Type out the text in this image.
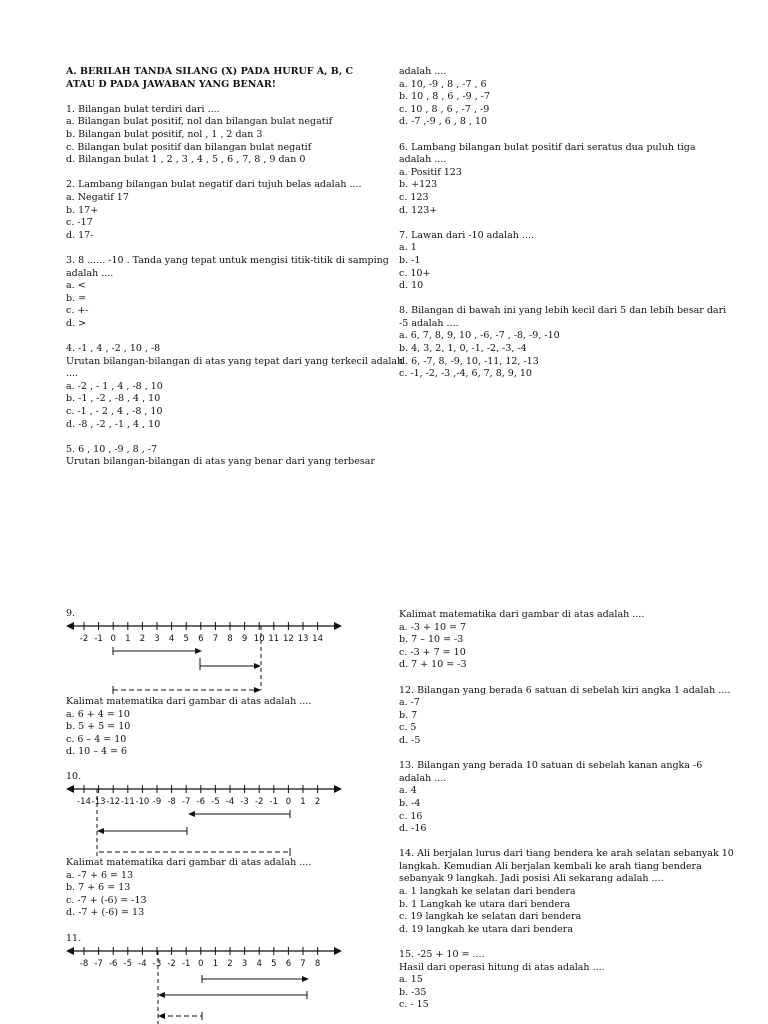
A. BERILAH TANDA SILANG (X) PADA HURUF A, B, C
ATAU D PADA JAWABAN YANG BENAR!
1. Bilangan bulat terdiri dari ....
a. Bilangan bulat positif, nol dan bilangan bulat negatif
b. Bilangan bulat positif, nol , 1 , 2 dan 3
c. Bilangan bulat positif dan bilangan bulat negatif
d. Bilangan bulat 1 , 2 , 3 , 4 , 5 , 6 , 7, 8 , 9 dan 0
2. Lambang bilangan bulat negatif dari tujuh belas adalah ....
a. Negatif 17
b. 17+
c. -17
d. 17-
3. 8 ...... -10 . Tanda yang tepat untuk mengisi titik-titik di samping
adalah ....
a. <
b. =
c. +-
d. >
4. -1 , 4 , -2 , 10 , -8
Urutan bilangan-bilangan di atas yang tepat dari yang terkecil adalah
....
a. -2 , - 1 , 4 , -8 , 10
b. -1 , -2 , -8 , 4 , 10
c. -1 , - 2 , 4 , -8 , 10
d. -8 , -2 , -1 , 4 , 10
5. 6 , 10 , -9 , 8 , -7
Urutan bilangan-bilangan di atas yang benar dari yang terbesar
adalah ....
a. 10, -9 , 8 , -7 , 6
b. 10 , 8 , 6 , -9 , -7
c. 10 , 8 , 6 , -7 , -9
d. -7 ,-9 , 6 , 8 , 10
6. Lambang bilangan bulat positif dari seratus dua puluh tiga
adalah ....
a. Positif 123
b. +123
c. 123
d. 123+
7. Lawan dari -10 adalah ....
a. 1
b. -1
c. 10+
d. 10
8. Bilangan di bawah ini yang lebih kecil dari 5 dan lebih besar dari
-5 adalah ....
a. 6, 7, 8, 9, 10 , -6, -7 , -8, -9, -10
b. 4, 3, 2, 1, 0, -1, -2, -3, -4
d. 6, -7, 8, -9, 10, -11, 12, -13
c. -1, -2, -3 ,-4, 6, 7, 8, 9, 10
9.
-2 -1 0 1 2 3 4 5 6 7 8 9 10 11 12 13 14
Kalimat matematika dari gambar di atas adalah ....
a. 6 + 4 = 10
b. 5 + 5 = 10
c. 6 – 4 = 10
d. 10 – 4 = 6
10.
-14 -13 -12 -11 -10 -9 -8 -7 -6 -5 -4 -3 -2 -1 0 1 2
Kalimat matematika dari gambar di atas adalah ....
a. -7 + 6 = 13
b. 7 + 6 = 13
c. -7 + (-6) = -13
d. -7 + (-6) = 13
11.
-8 -7 -6 -5 -4 -3 -2 -1 0 1 2 3 4 5 6 7 8
Kalimat matematika dari gambar di atas adalah ....
a. -3 + 10 = 7
b. 7 – 10 = -3
c. -3 + 7 = 10
d. 7 + 10 = -3
12. Bilangan yang berada 6 satuan di sebelah kiri angka 1 adalah ....
a. -7
b. 7
c. 5
d. -5
13. Bilangan yang berada 10 satuan di sebelah kanan angka -6
adalah ....
a. 4
b. -4
c. 16
d. -16
14. Ali berjalan lurus dari tiang bendera ke arah selatan sebanyak 10
langkah. Kemudian Ali berjalan kembali ke arah tiang bendera
sebanyak 9 langkah. Jadi posisi Ali sekarang adalah ....
a. 1 langkah ke selatan dari bendera
b. 1 Langkah ke utara dari bendera
c. 19 langkah ke selatan dari bendera
d. 19 langkah ke utara dari bendera
15. -25 + 10 = ....
Hasil dari operasi hitung di atas adalah ....
a. 15
b. -35
c. - 15
